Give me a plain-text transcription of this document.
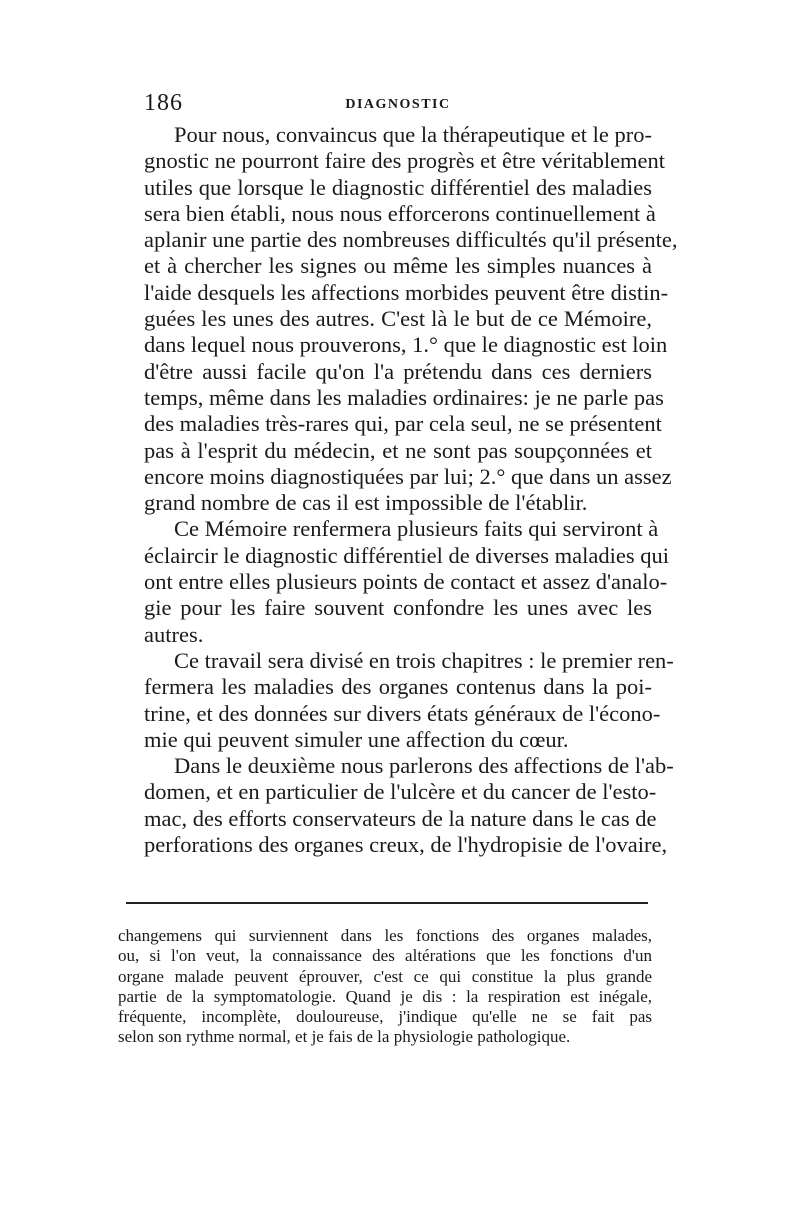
186	DIAGNOSTIC
Pour nous, convaincus que la thérapeutique et le pro-
gnostic ne pourront faire des progrès et être véritablement
utiles que lorsque le diagnostic différentiel des maladies
sera bien établi, nous nous efforcerons continuellement à
aplanir une partie des nombreuses difficultés qu'il présente,
et à chercher les signes ou même les simples nuances à
l'aide desquels les affections morbides peuvent être distin-
guées les unes des autres. C'est là le but de ce Mémoire,
dans lequel nous prouverons, 1.° que le diagnostic est loin
d'être aussi facile qu'on l'a prétendu dans ces derniers
temps, même dans les maladies ordinaires: je ne parle pas
des maladies très-rares qui, par cela seul, ne se présentent
pas à l'esprit du médecin, et ne sont pas soupçonnées et
encore moins diagnostiquées par lui; 2.° que dans un assez
grand nombre de cas il est impossible de l'établir.
Ce Mémoire renfermera plusieurs faits qui serviront à
éclaircir le diagnostic différentiel de diverses maladies qui
ont entre elles plusieurs points de contact et assez d'analo-
gie pour les faire souvent confondre les unes avec les
autres.
Ce travail sera divisé en trois chapitres : le premier ren-
fermera les maladies des organes contenus dans la poi-
trine, et des données sur divers états généraux de l'écono-
mie qui peuvent simuler une affection du cœur.
Dans le deuxième nous parlerons des affections de l'ab-
domen, et en particulier de l'ulcère et du cancer de l'esto-
mac, des efforts conservateurs de la nature dans le cas de
perforations des organes creux, de l'hydropisie de l'ovaire,
changemens qui surviennent dans les fonctions des organes malades,
ou, si l'on veut, la connaissance des altérations que les fonctions d'un
organe malade peuvent éprouver, c'est ce qui constitue la plus grande
partie de la symptomatologie. Quand je dis : la respiration est inégale,
fréquente, incomplète, douloureuse, j'indique qu'elle ne se fait pas
selon son rythme normal, et je fais de la physiologie pathologique.
